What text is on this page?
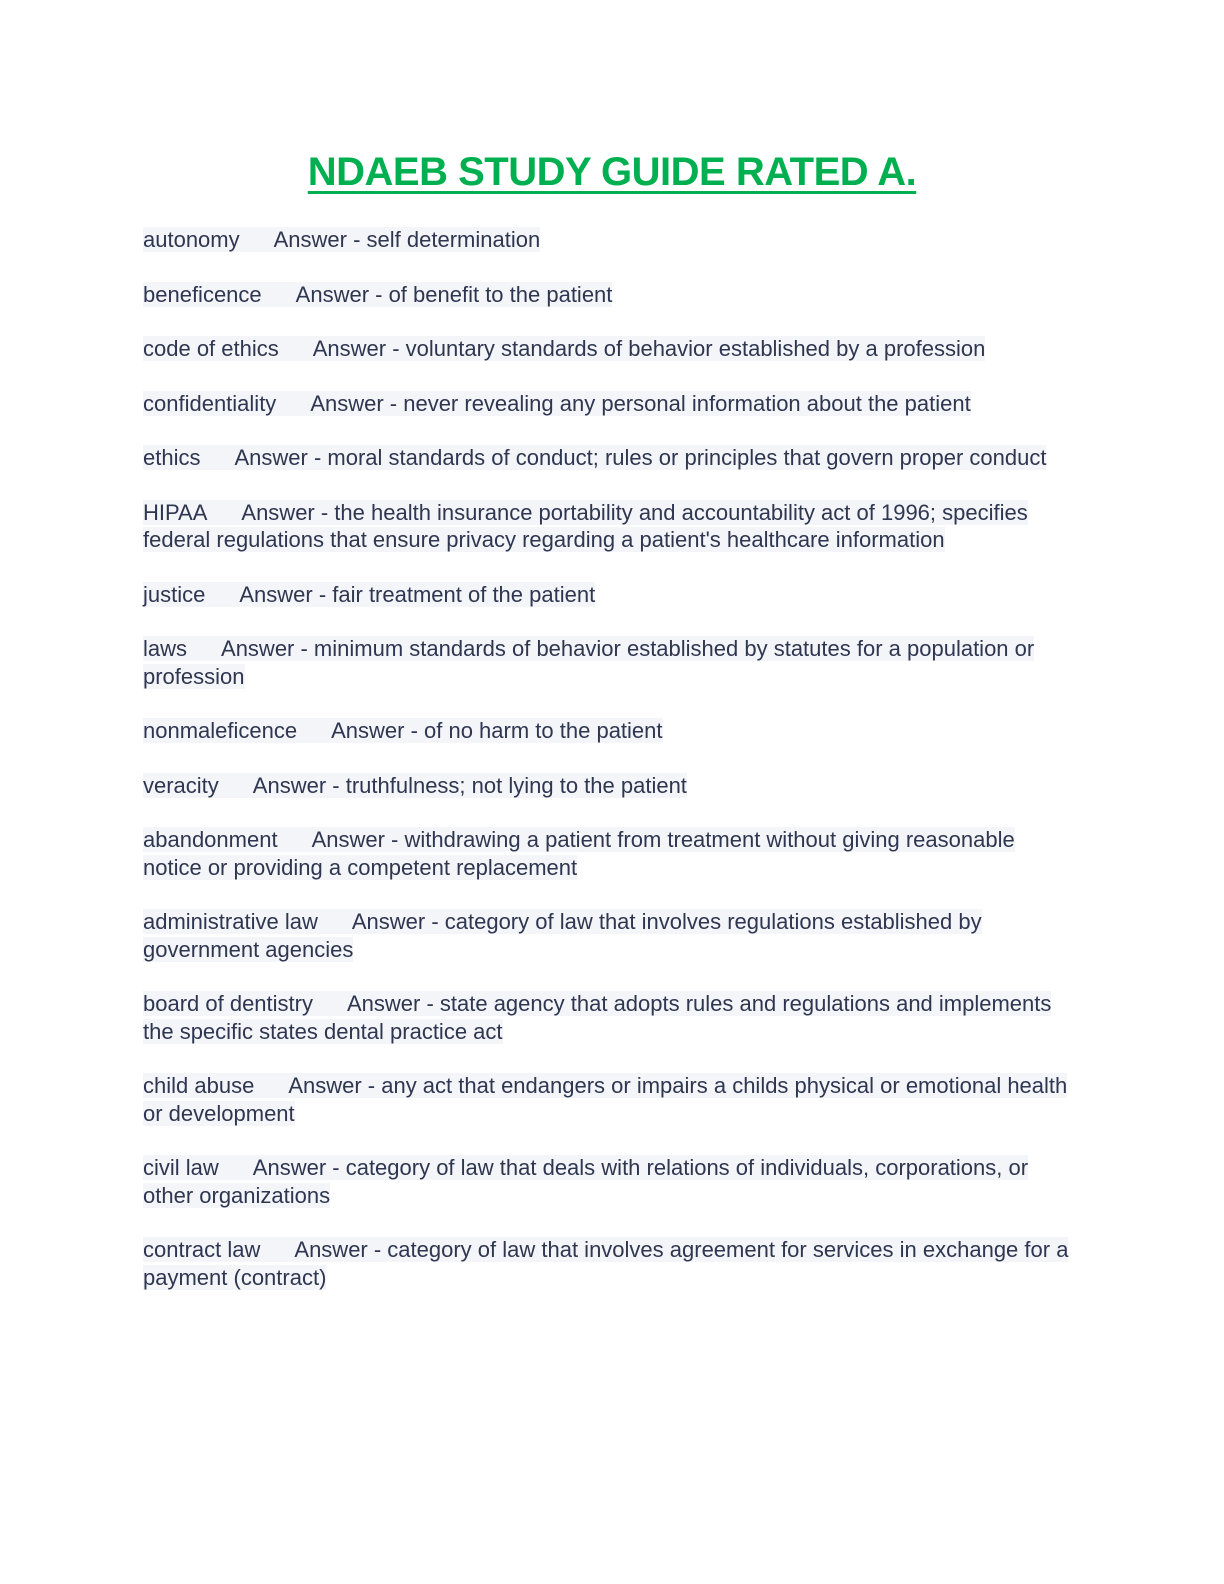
NDAEB STUDY GUIDE RATED A.
autonomy Answer - self determination
beneficence Answer - of benefit to the patient
code of ethics Answer - voluntary standards of behavior established by a profession
confidentiality Answer - never revealing any personal information about the patient
ethics Answer - moral standards of conduct; rules or principles that govern proper conduct
HIPAA Answer - the health insurance portability and accountability act of 1996; specifies federal regulations that ensure privacy regarding a patient's healthcare information
justice Answer - fair treatment of the patient
laws Answer - minimum standards of behavior established by statutes for a population or profession
nonmaleficence Answer - of no harm to the patient
veracity Answer - truthfulness; not lying to the patient
abandonment Answer - withdrawing a patient from treatment without giving reasonable notice or providing a competent replacement
administrative law Answer - category of law that involves regulations established by government agencies
board of dentistry Answer - state agency that adopts rules and regulations and implements the specific states dental practice act
child abuse Answer - any act that endangers or impairs a childs physical or emotional health or development
civil law Answer - category of law that deals with relations of individuals, corporations, or other organizations
contract law Answer - category of law that involves agreement for services in exchange for a payment (contract)
